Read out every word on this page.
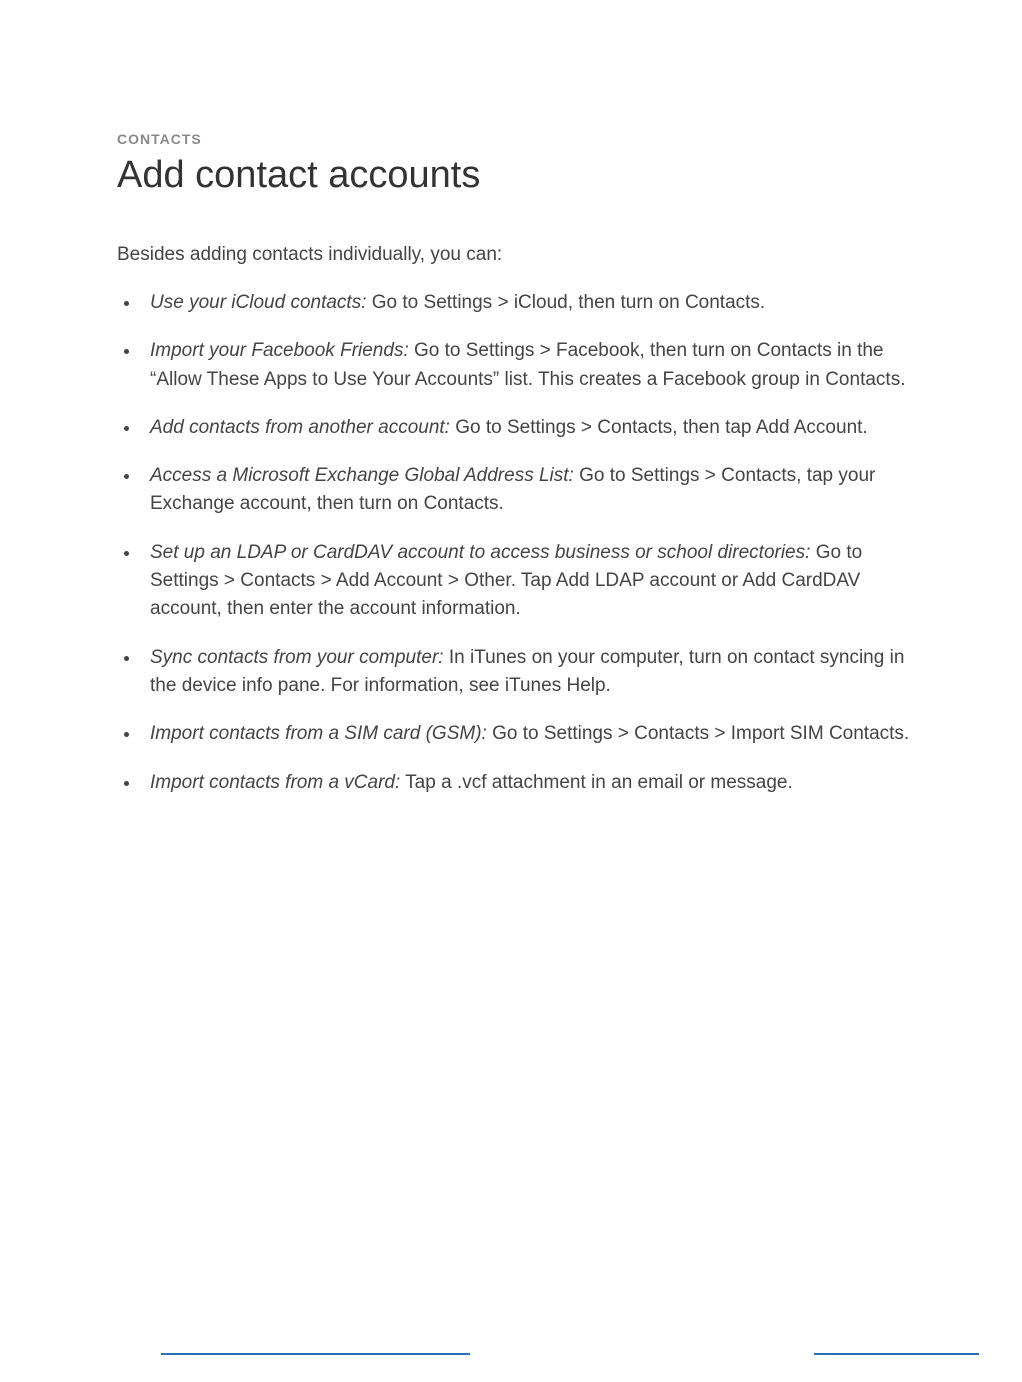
CONTACTS

Add contact accounts

Besides adding contacts individually, you can:

Use your iCloud contacts: Go to Settings > iCloud, then turn on Contacts.
Import your Facebook Friends: Go to Settings > Facebook, then turn on Contacts in the “Allow These Apps to Use Your Accounts” list. This creates a Facebook group in Contacts.
Add contacts from another account: Go to Settings > Contacts, then tap Add Account.
Access a Microsoft Exchange Global Address List: Go to Settings > Contacts, tap your Exchange account, then turn on Contacts.
Set up an LDAP or CardDAV account to access business or school directories: Go to Settings > Contacts > Add Account > Other. Tap Add LDAP account or Add CardDAV account, then enter the account information.
Sync contacts from your computer: In iTunes on your computer, turn on contact syncing in the device info pane. For information, see iTunes Help.
Import contacts from a SIM card (GSM): Go to Settings > Contacts > Import SIM Contacts.
Import contacts from a vCard: Tap a .vcf attachment in an email or message.
